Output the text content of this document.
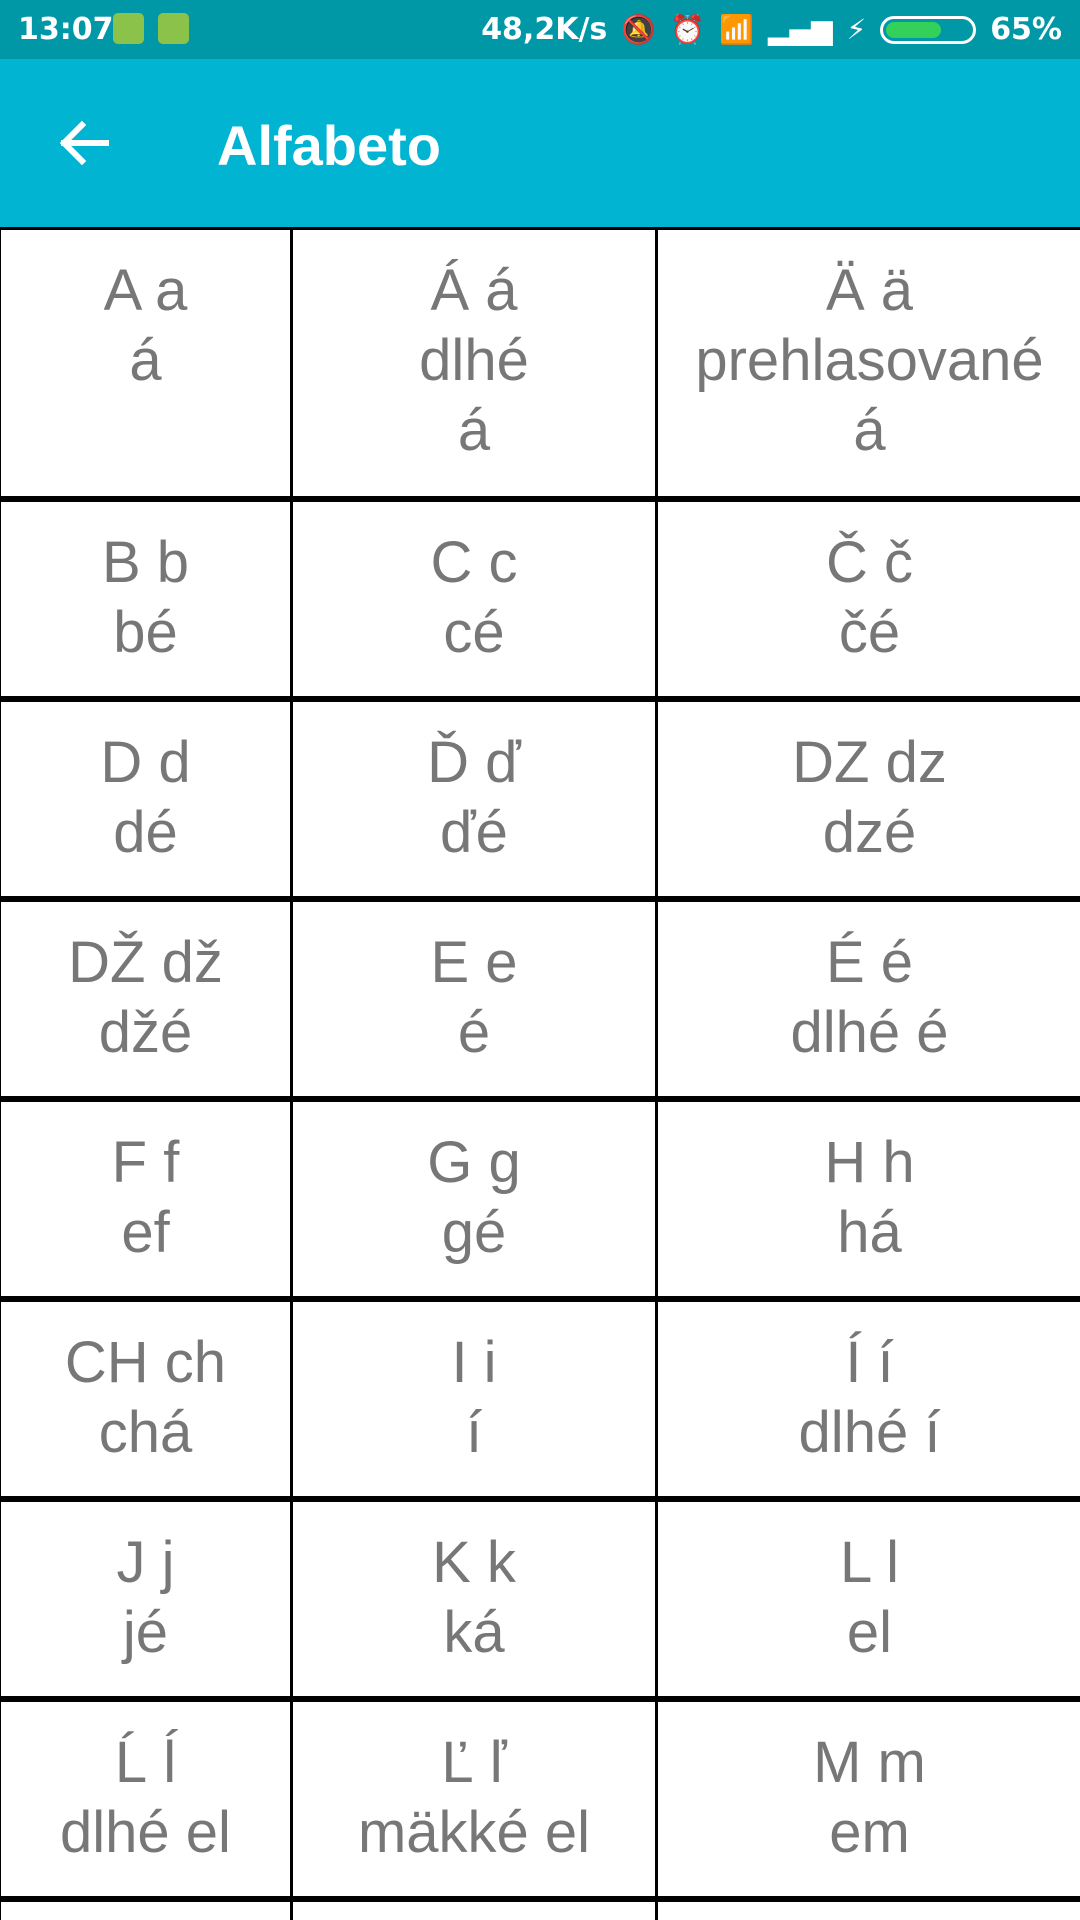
13:07	48,2K/s 🔕 ⏰ 📶 ▂▄▆ ⚡	65%
Alfabeto
A a
á
Á á
dlhé
á
Ä ä
prehlasované
á
B b
bé
C c
cé
Č č
čé
D d
dé
Ď ď
ďé
DZ dz
dzé
DŽ dž
džé
E e
é
É é
dlhé é
F f
ef
G g
gé
H h
há
CH ch
chá
I i
í
Í í
dlhé í
J j
jé
K k
ká
L l
el
Ĺ ĺ
dlhé el
Ľ ľ
mäkké el
M m
em
